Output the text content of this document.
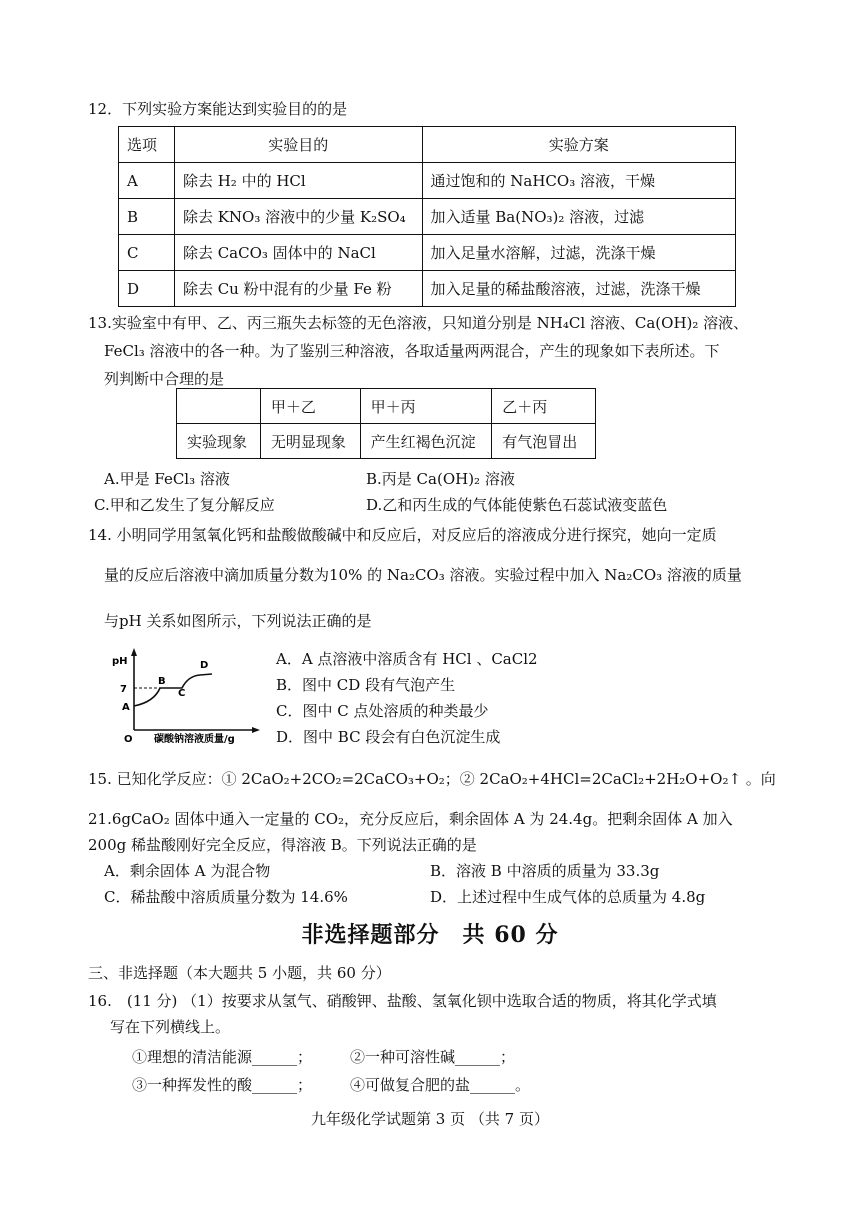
12．下列实验方案能达到实验目的的是
选项	实验目的	实验方案
A	除去 H₂ 中的 HCl	通过饱和的 NaHCO₃ 溶液，干燥
B	除去 KNO₃ 溶液中的少量 K₂SO₄	加入适量 Ba(NO₃)₂ 溶液，过滤
C	除去 CaCO₃ 固体中的 NaCl	加入足量水溶解，过滤，洗涤干燥
D	除去 Cu 粉中混有的少量 Fe 粉	加入足量的稀盐酸溶液，过滤，洗涤干燥
13.实验室中有甲、乙、丙三瓶失去标签的无色溶液，只知道分别是 NH₄Cl 溶液、Ca(OH)₂ 溶液、
FeCl₃ 溶液中的各一种。为了鉴别三种溶液，各取适量两两混合，产生的现象如下表所述。下
列判断中合理的是
	甲＋乙	甲＋丙	乙＋丙
实验现象	无明显现象	产生红褐色沉淀	有气泡冒出
A.甲是 FeCl₃ 溶液	B.丙是 Ca(OH)₂ 溶液
C.甲和乙发生了复分解反应	D.乙和丙生成的气体能使紫色石蕊试液变蓝色
14. 小明同学用氢氧化钙和盐酸做酸碱中和反应后，对反应后的溶液成分进行探究，她向一定质
量的反应后溶液中滴加质量分数为10% 的 Na₂CO₃ 溶液。实验过程中加入 Na₂CO₃ 溶液的质量
与pH 关系如图所示，下列说法正确的是
pH
7
A
B
C
D
O 碳酸钠溶液质量/g
A．A 点溶液中溶质含有 HCl 、CaCl2
B．图中 CD 段有气泡产生
C．图中 C 点处溶质的种类最少
D．图中 BC 段会有白色沉淀生成
15. 已知化学反应：① 2CaO₂+2CO₂=2CaCO₃+O₂；② 2CaO₂+4HCl=2CaCl₂+2H₂O+O₂↑ 。向
21.6gCaO₂ 固体中通入一定量的 CO₂，充分反应后，剩余固体 A 为 24.4g。把剩余固体 A 加入
200g 稀盐酸刚好完全反应，得溶液 B。下列说法正确的是
A．剩余固体 A 为混合物	B．溶液 B 中溶质的质量为 33.3g
C．稀盐酸中溶质质量分数为 14.6%	D．上述过程中生成气体的总质量为 4.8g
非选择题部分　共 60 分
三、非选择题（本大题共 5 小题，共 60 分）
16.　(11 分) （1）按要求从氢气、硝酸钾、盐酸、氢氧化钡中选取合适的物质，将其化学式填
写在下列横线上。
①理想的清洁能源______；	②一种可溶性碱______；
③一种挥发性的酸______；	④可做复合肥的盐______。
九年级化学试题第 3 页 （共 7 页）
